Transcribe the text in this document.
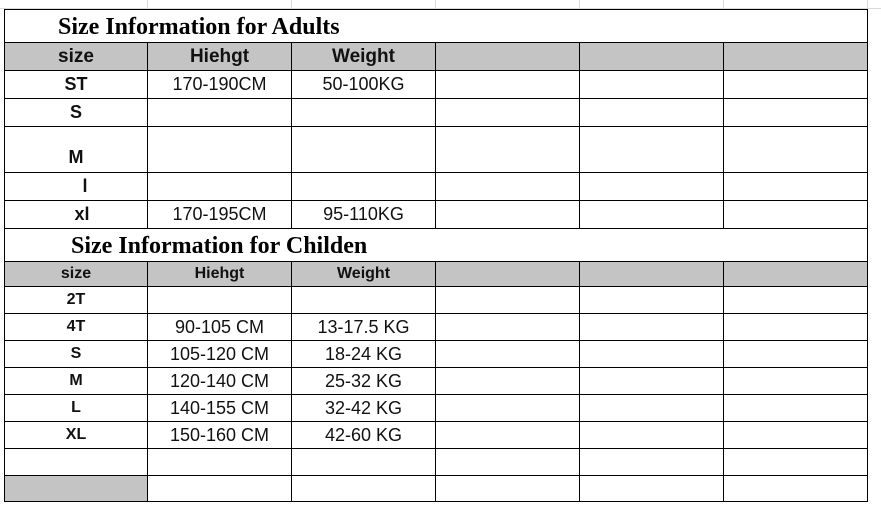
Size Information for Adults
size	Hiehgt	Weight
ST	170-190CM	50-100KG
S
M
l
xl	170-195CM	95-110KG
Size Information for Childen
size	Hiehgt	Weight
2T
4T	90-105 CM	13-17.5 KG
S	105-120 CM	18-24 KG
M	120-140 CM	25-32 KG
L	140-155 CM	32-42 KG
XL	150-160 CM	42-60 KG
